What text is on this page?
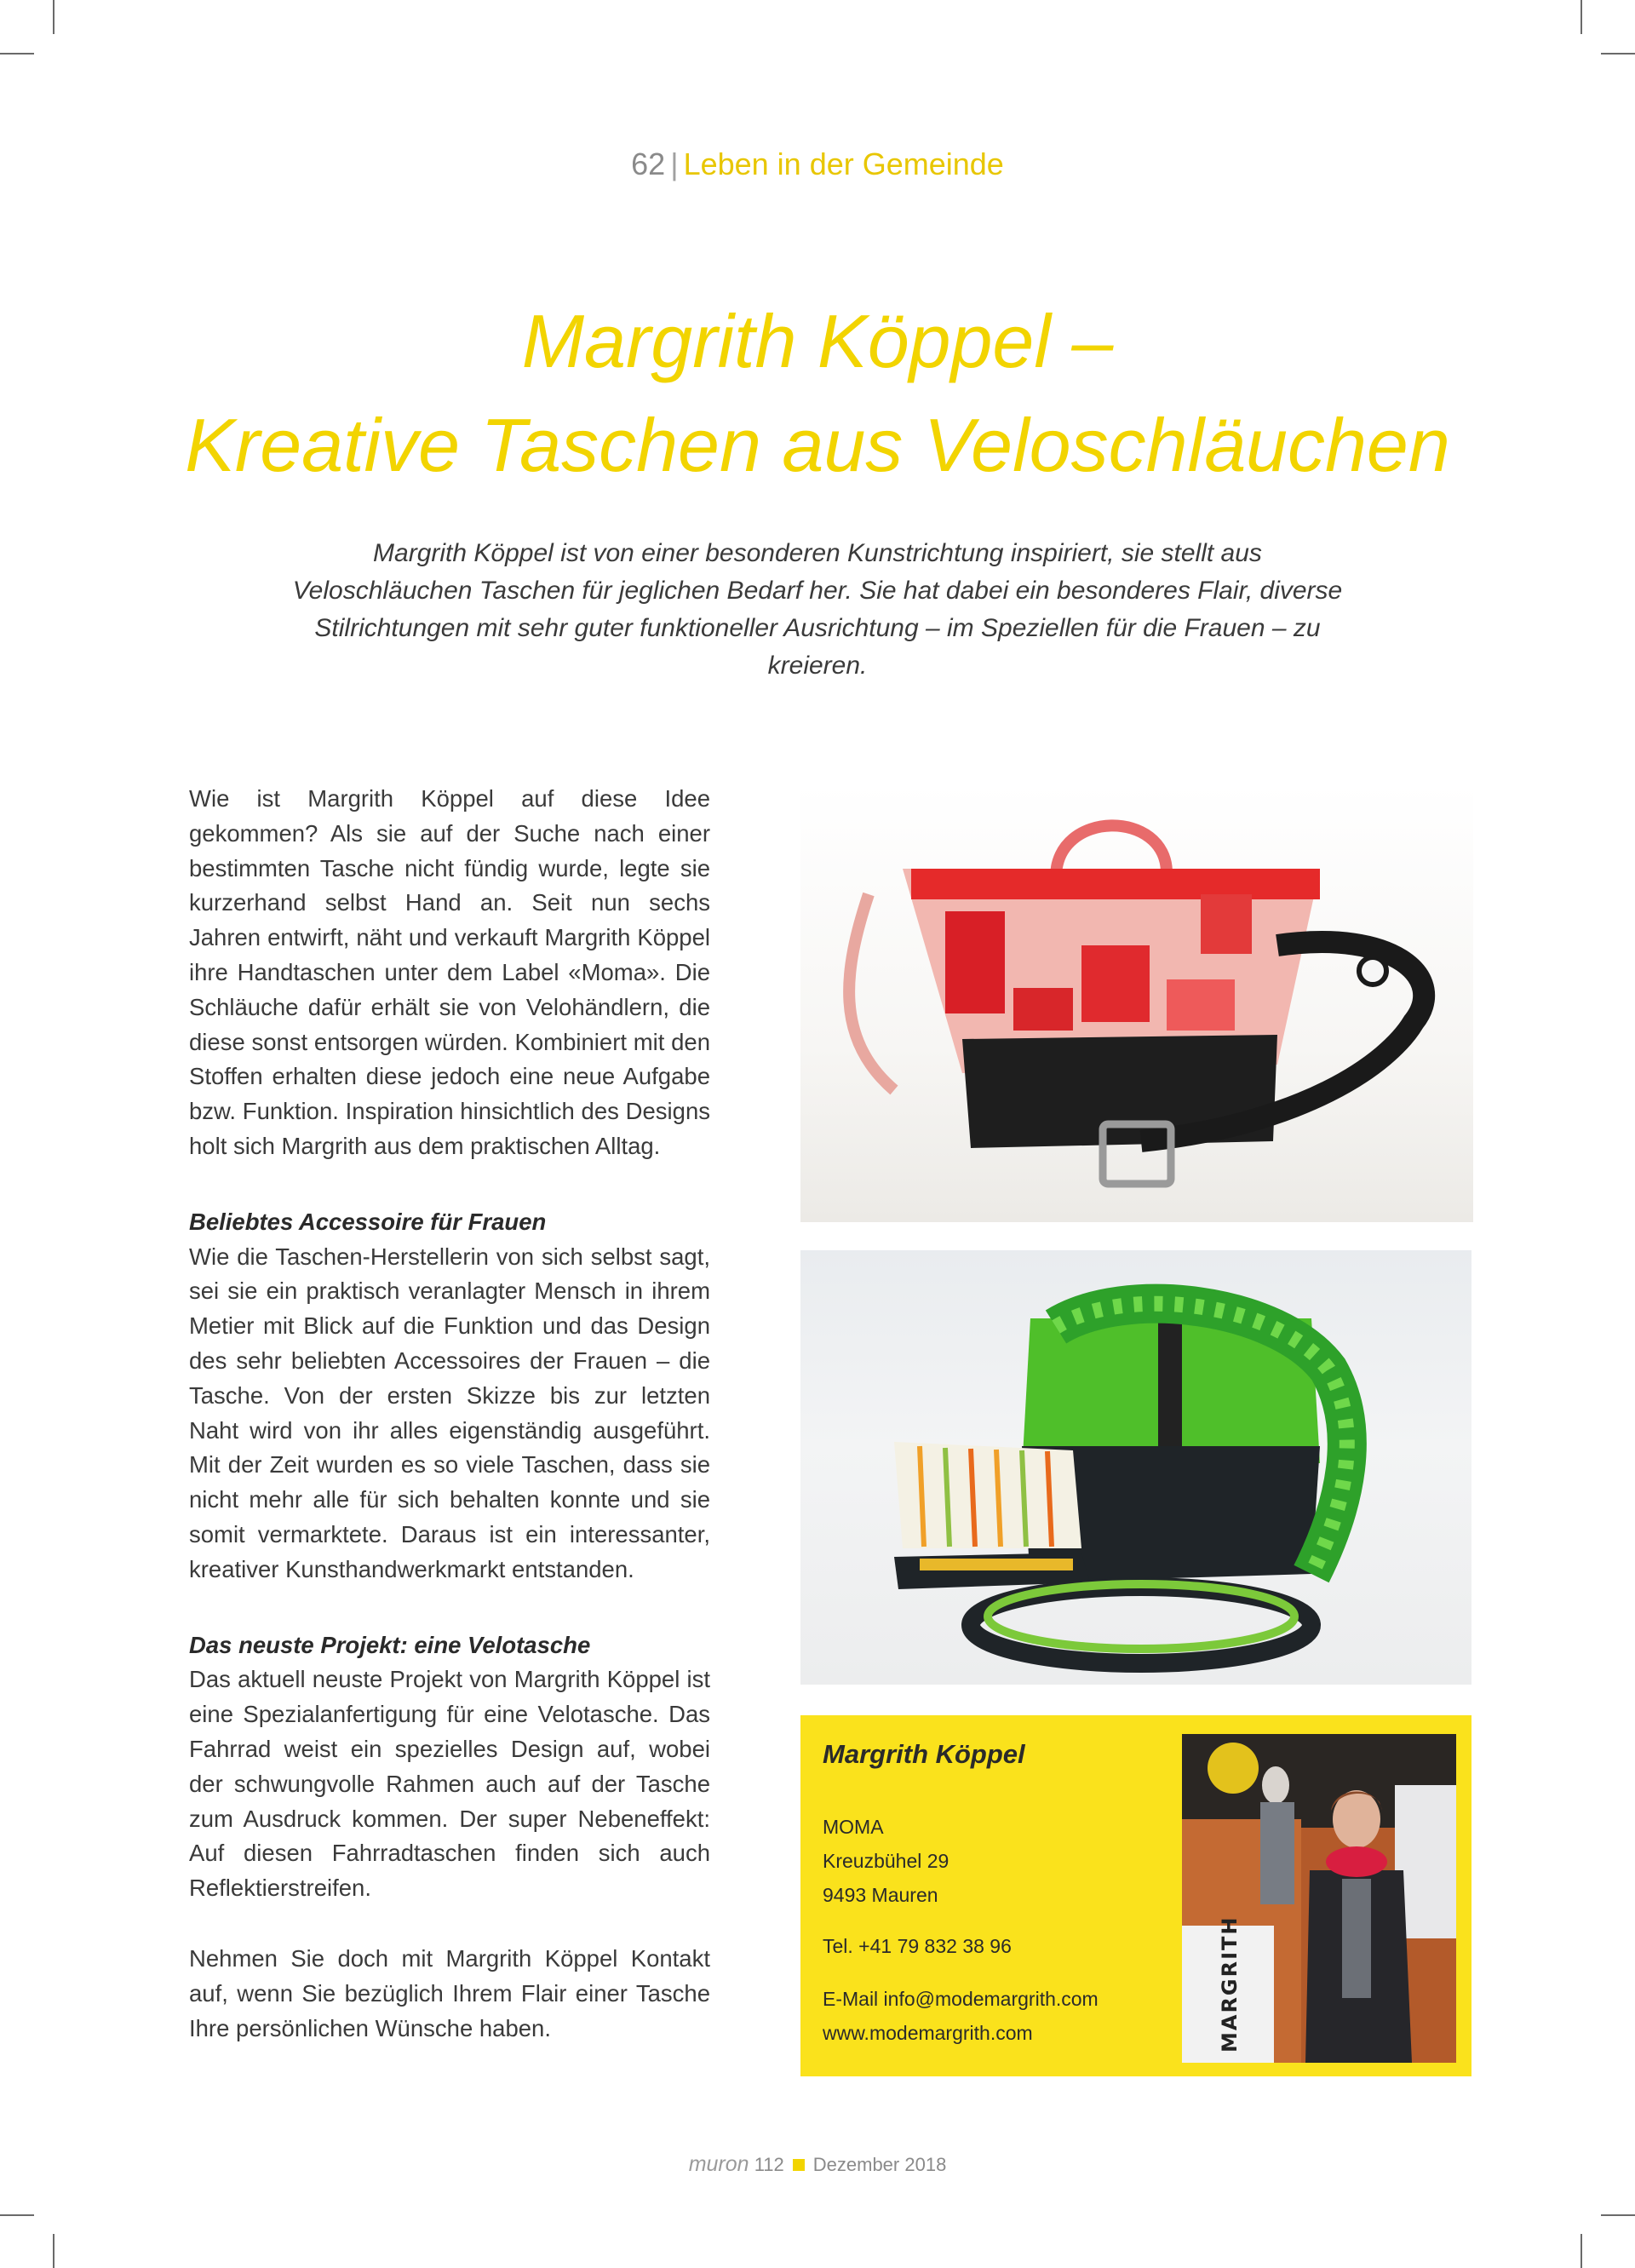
62 | Leben in der Gemeinde
Margrith Köppel –
Kreative Taschen aus Veloschläuchen
Margrith Köppel ist von einer besonderen Kunstrichtung inspiriert, sie stellt aus Veloschläuchen Taschen für jeglichen Bedarf her. Sie hat dabei ein besonderes Flair, diverse Stilrichtungen mit sehr guter funktioneller Ausrichtung – im Speziellen für die Frauen – zu kreieren.

Wie ist Margrith Köppel auf diese Idee gekommen? Als sie auf der Suche nach einer bestimmten Tasche nicht fündig wurde, legte sie kurzerhand selbst Hand an. Seit nun sechs Jahren entwirft, näht und verkauft Margrith Köppel ihre Handtaschen unter dem Label «Moma». Die Schläuche dafür erhält sie von Velohändlern, die diese sonst entsorgen würden. Kombiniert mit den Stoffen erhalten diese jedoch eine neue Aufgabe bzw. Funktion. Inspiration hinsichtlich des Designs holt sich Margrith aus dem praktischen Alltag.

Beliebtes Accessoire für Frauen

Wie die Taschen-Herstellerin von sich selbst sagt, sei sie ein praktisch veranlagter Mensch in ihrem Metier mit Blick auf die Funktion und das Design des sehr beliebten Accessoires der Frauen – die Tasche. Von der ersten Skizze bis zur letzten Naht wird von ihr alles eigenständig ausgeführt. Mit der Zeit wurden es so viele Taschen, dass sie nicht mehr alle für sich behalten konnte und sie somit vermarktete. Daraus ist ein interessanter, kreativer Kunsthandwerkmarkt entstanden.

Das neuste Projekt: eine Velotasche

Das aktuell neuste Projekt von Margrith Köppel ist eine Spezialanfertigung für eine Velotasche. Das Fahrrad weist ein spezielles Design auf, wobei der schwungvolle Rahmen auch auf der Tasche zum Ausdruck kommen. Der super Nebeneffekt: Auf diesen Fahrradtaschen finden sich auch Reflektierstreifen.

Nehmen Sie doch mit Margrith Köppel Kontakt auf, wenn Sie bezüglich Ihrem Flair einer Tasche Ihre persönlichen Wünsche haben.

Margrith Köppel
MOMA
Kreuzbühel 29
9493 Mauren
Tel. +41 79 832 38 96
E-Mail info@modemargrith.com
www.modemargrith.com	MARGRITH
muron 112 Dezember 2018
